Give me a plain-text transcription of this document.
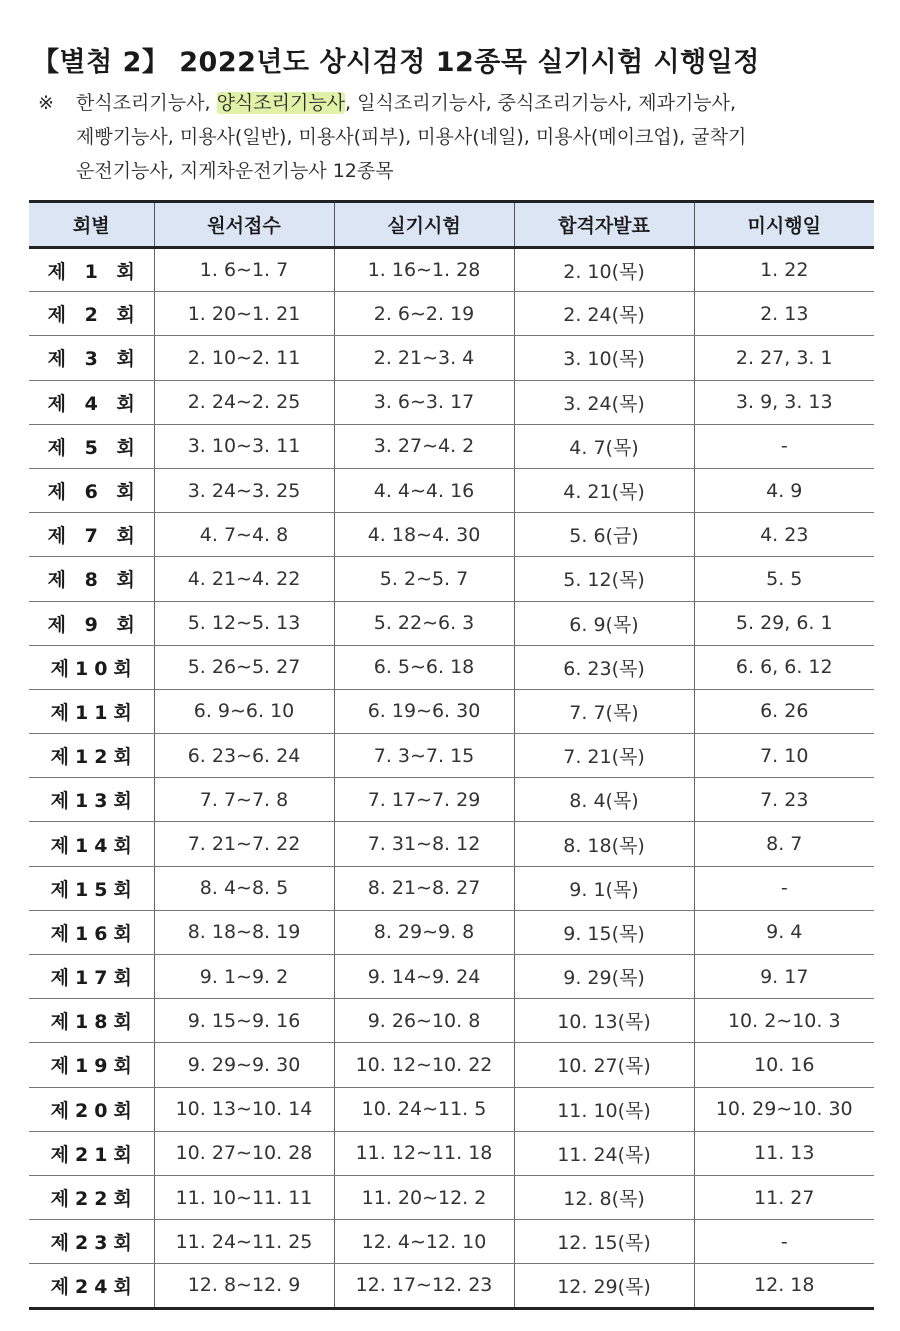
【별첨 2】 2022년도 상시검정 12종목 실기시험 시행일정
※ 한식조리기능사, 양식조리기능사, 일식조리기능사, 중식조리기능사, 제과기능사,
제빵기능사, 미용사(일반), 미용사(피부), 미용사(네일), 미용사(메이크업), 굴착기
운전기능사, 지게차운전기능사 12종목
회별	원서접수	실기시험	합격자발표	미시행일
제 1 회	1. 6∼1. 7	1. 16∼1. 28	2. 10(목)	1. 22
제 2 회	1. 20∼1. 21	2. 6∼2. 19	2. 24(목)	2. 13
제 3 회	2. 10∼2. 11	2. 21∼3. 4	3. 10(목)	2. 27, 3. 1
제 4 회	2. 24∼2. 25	3. 6∼3. 17	3. 24(목)	3. 9, 3. 13
제 5 회	3. 10∼3. 11	3. 27∼4. 2	4. 7(목)	-
제 6 회	3. 24∼3. 25	4. 4∼4. 16	4. 21(목)	4. 9
제 7 회	4. 7∼4. 8	4. 18∼4. 30	5. 6(금)	4. 23
제 8 회	4. 21∼4. 22	5. 2∼5. 7	5. 12(목)	5. 5
제 9 회	5. 12∼5. 13	5. 22∼6. 3	6. 9(목)	5. 29, 6. 1
제10회	5. 26∼5. 27	6. 5∼6. 18	6. 23(목)	6. 6, 6. 12
제11회	6. 9∼6. 10	6. 19∼6. 30	7. 7(목)	6. 26
제12회	6. 23∼6. 24	7. 3∼7. 15	7. 21(목)	7. 10
제13회	7. 7∼7. 8	7. 17∼7. 29	8. 4(목)	7. 23
제14회	7. 21∼7. 22	7. 31∼8. 12	8. 18(목)	8. 7
제15회	8. 4∼8. 5	8. 21∼8. 27	9. 1(목)	-
제16회	8. 18∼8. 19	8. 29∼9. 8	9. 15(목)	9. 4
제17회	9. 1∼9. 2	9. 14∼9. 24	9. 29(목)	9. 17
제18회	9. 15∼9. 16	9. 26∼10. 8	10. 13(목)	10. 2∼10. 3
제19회	9. 29∼9. 30	10. 12∼10. 22	10. 27(목)	10. 16
제20회	10. 13∼10. 14	10. 24∼11. 5	11. 10(목)	10. 29∼10. 30
제21회	10. 27∼10. 28	11. 12∼11. 18	11. 24(목)	11. 13
제22회	11. 10∼11. 11	11. 20∼12. 2	12. 8(목)	11. 27
제23회	11. 24∼11. 25	12. 4∼12. 10	12. 15(목)	-
제24회	12. 8∼12. 9	12. 17∼12. 23	12. 29(목)	12. 18
